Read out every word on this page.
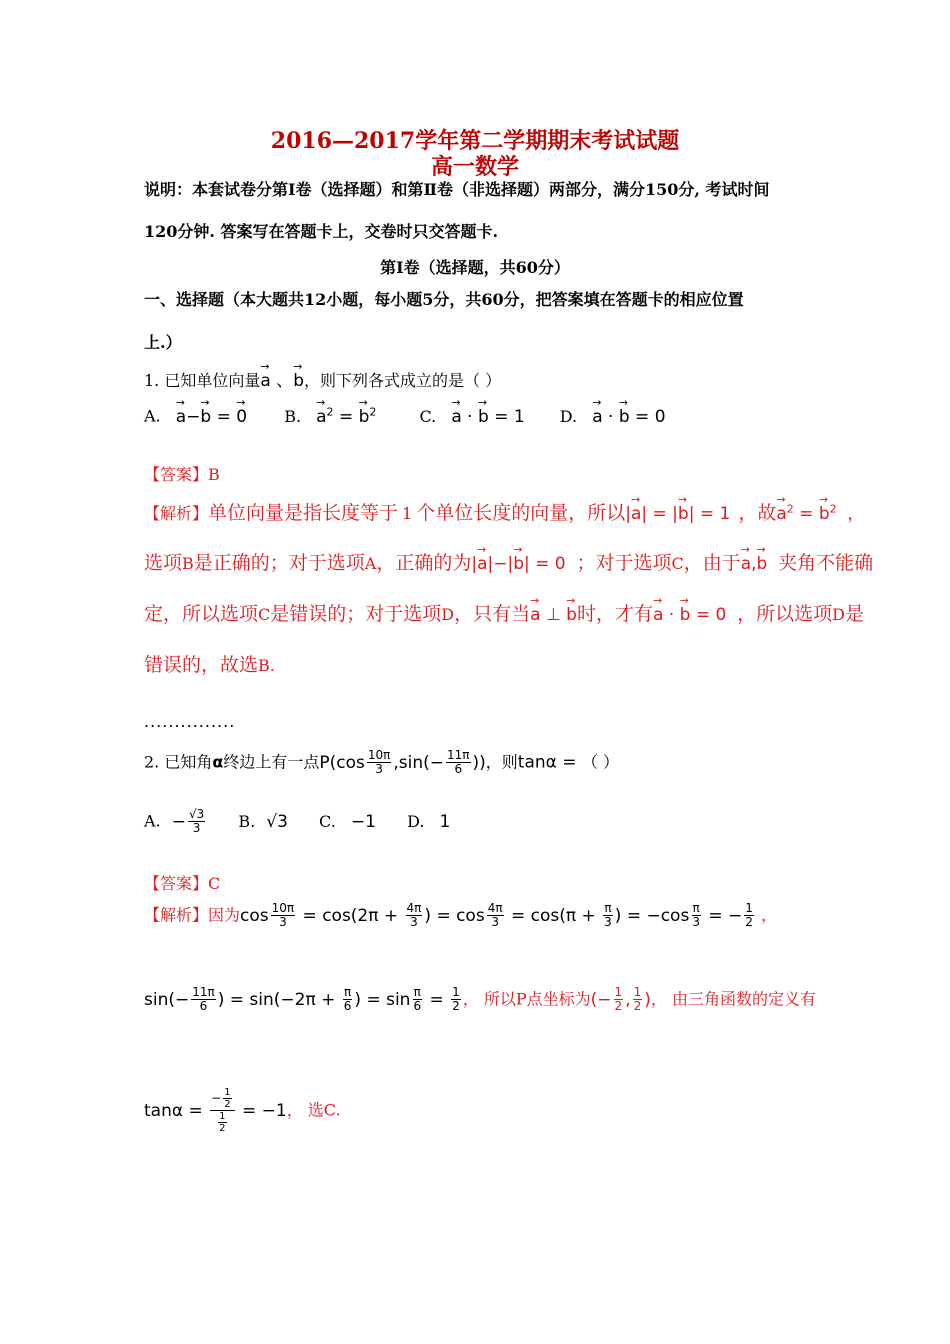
2016—2017学年第二学期期末考试试题
高一数学
说明：本套试卷分第Ⅰ卷（选择题）和第Ⅱ卷（非选择题）两部分，满分150分, 考试时间
120分钟. 答案写在答题卡上，交卷时只交答题卡.
第Ⅰ卷（选择题，共60分）
一、选择题（本大题共12小题，每小题5分，共60分，把答案填在答题卡的相应位置
上.）
1. 已知单位向量→ a 、→ b，则下列各式成立的是（ ）
A. → a−→ b = → 0 B. → $a^2$ = → $b^2$	C. → a · → b = 1 D. → a · → b = 0
【答案】B
【解析】单位向量是指长度等于 1 个单位长度的向量，所以|→ a| = |→ b| = 1 ，故→ $a^2$ = → $b^2$  ，
选项B是正确的；对于选项A，正确的为|→ a|−|→ b| = 0  ；对于选项C，由于→ a,→ b 夹角不能确
定，所以选项C是错误的；对于选项D，只有当→ a ⊥ → b时，才有→ a · → b = 0  ，所以选项D是
错误的，故选B.
...............
2. 已知角α终边上有一点$P(\cos \frac{10\pi}{3} ,\sin(- \frac{11\pi}{6}$ ))，则tanα = （ ）
A. − $\frac{√3}{3} B$. √3 C. −1 D. 1
【答案】C
【解析】因为$\cos \frac{10\pi}{3} = \cos(2\pi + \frac{4\pi}{3}$ ) = $\cos \frac{4\pi}{3} = \cos(\pi + \frac{\pi}{3}$ ) = $-\cos \frac{\pi}{3}$ = − $\frac{1}{2}$ ，
$\sin(- \frac{11\pi}{6}$ ) = $\sin(-2\pi + \frac{\pi}{6}$ ) = $\sin \frac{\pi}{6} = \frac{1}{2}$ ， 所以P点坐标为(− $\frac{1}{2}$ , $\frac{1}{2}$ )， 由三角函数的定义有
$\tan\alpha = \frac{- \frac{1}{2}}{\frac{1}{2}} = -1$， 选C.
